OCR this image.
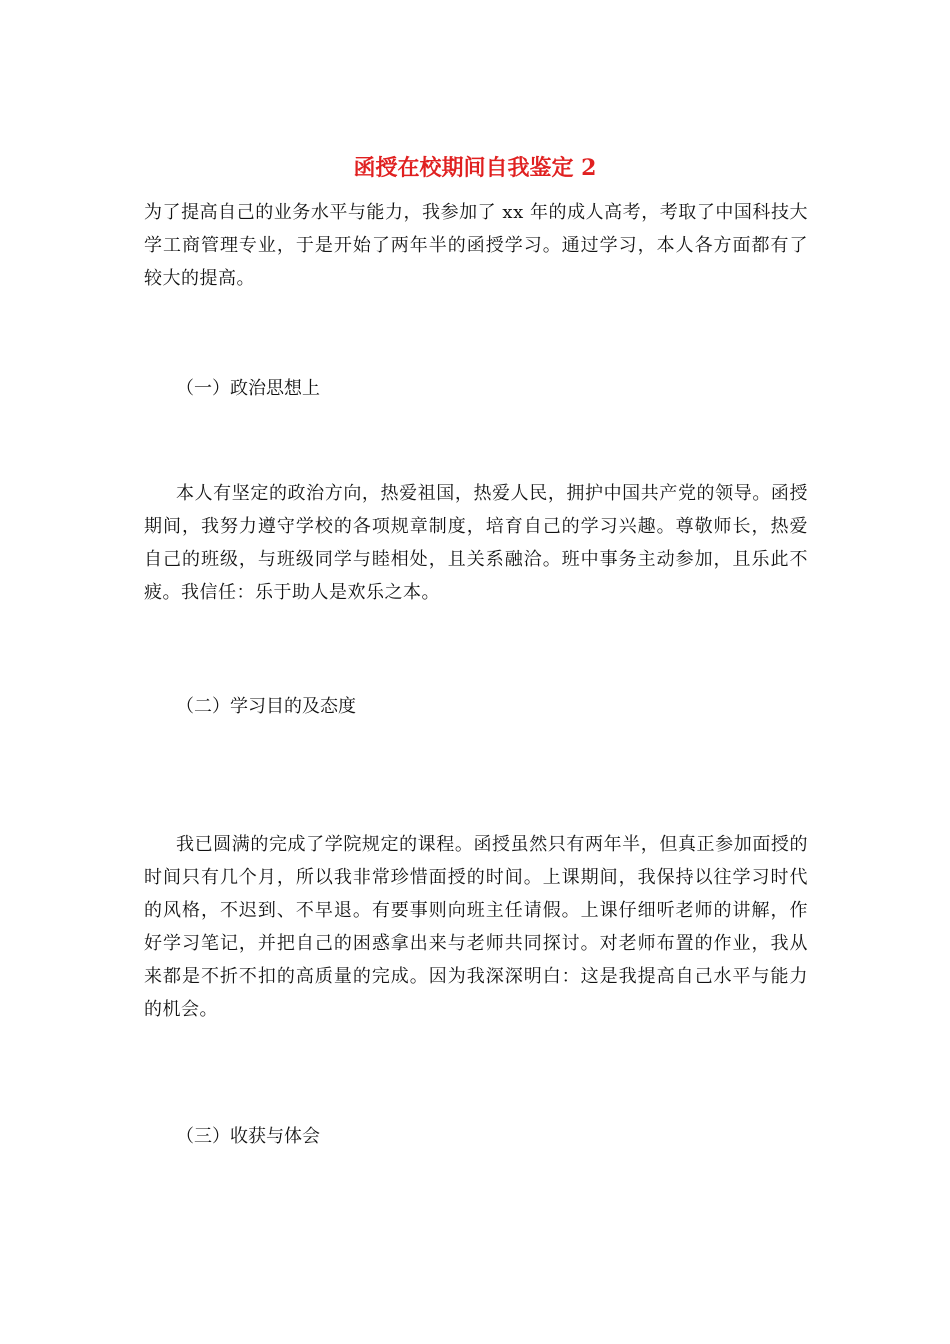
函授在校期间自我鉴定 2

为了提高自己的业务水平与能力，我参加了 xx 年的成人高考，考取了中国科技大学工商管理专业，于是开始了两年半的函授学习。通过学习，本人各方面都有了较大的提高。

（一）政治思想上

本人有坚定的政治方向，热爱祖国，热爱人民，拥护中国共产党的领导。函授期间，我努力遵守学校的各项规章制度，培育自己的学习兴趣。尊敬师长，热爱自己的班级，与班级同学与睦相处，且关系融洽。班中事务主动参加，且乐此不疲。我信任：乐于助人是欢乐之本。

（二）学习目的及态度

我已圆满的完成了学院规定的课程。函授虽然只有两年半，但真正参加面授的时间只有几个月，所以我非常珍惜面授的时间。上课期间，我保持以往学习时代的风格，不迟到、不早退。有要事则向班主任请假。上课仔细听老师的讲解，作好学习笔记，并把自己的困惑拿出来与老师共同探讨。对老师布置的作业，我从来都是不折不扣的高质量的完成。因为我深深明白：这是我提高自己水平与能力的机会。

（三）收获与体会
